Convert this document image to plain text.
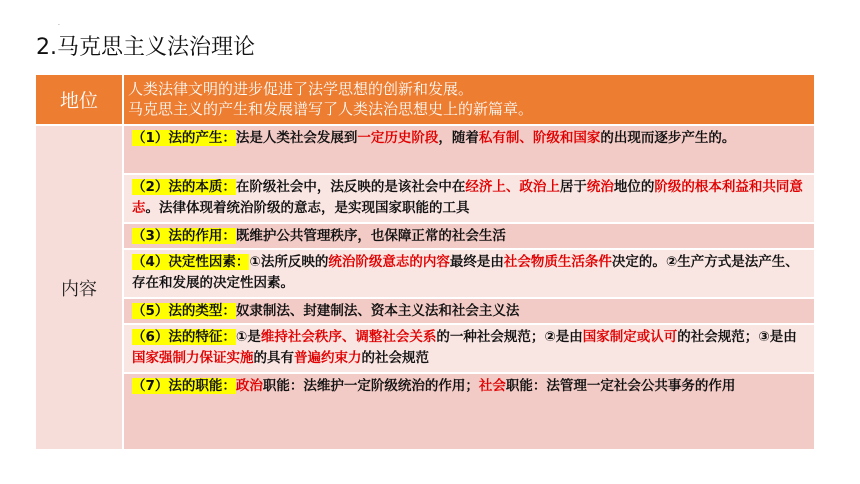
.
2.马克思主义法治理论
地位
人类法律文明的进步促进了法学思想的创新和发展。
马克思主义的产生和发展谱写了人类法治思想史上的新篇章。
内容
（1）法的产生：法是人类社会发展到一定历史阶段，随着私有制、阶级和国家的出现而逐步产生的。
（2）法的本质：在阶级社会中，法反映的是该社会中在经济上、政治上居于统治地位的阶级的根本利益和共同意志。法律体现着统治阶级的意志，是实现国家职能的工具
（3）法的作用：既维护公共管理秩序，也保障正常的社会生活
（4）决定性因素：①法所反映的统治阶级意志的内容最终是由社会物质生活条件决定的。②生产方式是法产生、存在和发展的决定性因素。
（5）法的类型：奴隶制法、封建制法、资本主义法和社会主义法
（6）法的特征：①是维持社会秩序、调整社会关系的一种社会规范；②是由国家制定或认可的社会规范；③是由国家强制力保证实施的具有普遍约束力的社会规范
（7）法的职能：政治职能：法维护一定阶级统治的作用；社会职能：法管理一定社会公共事务的作用
